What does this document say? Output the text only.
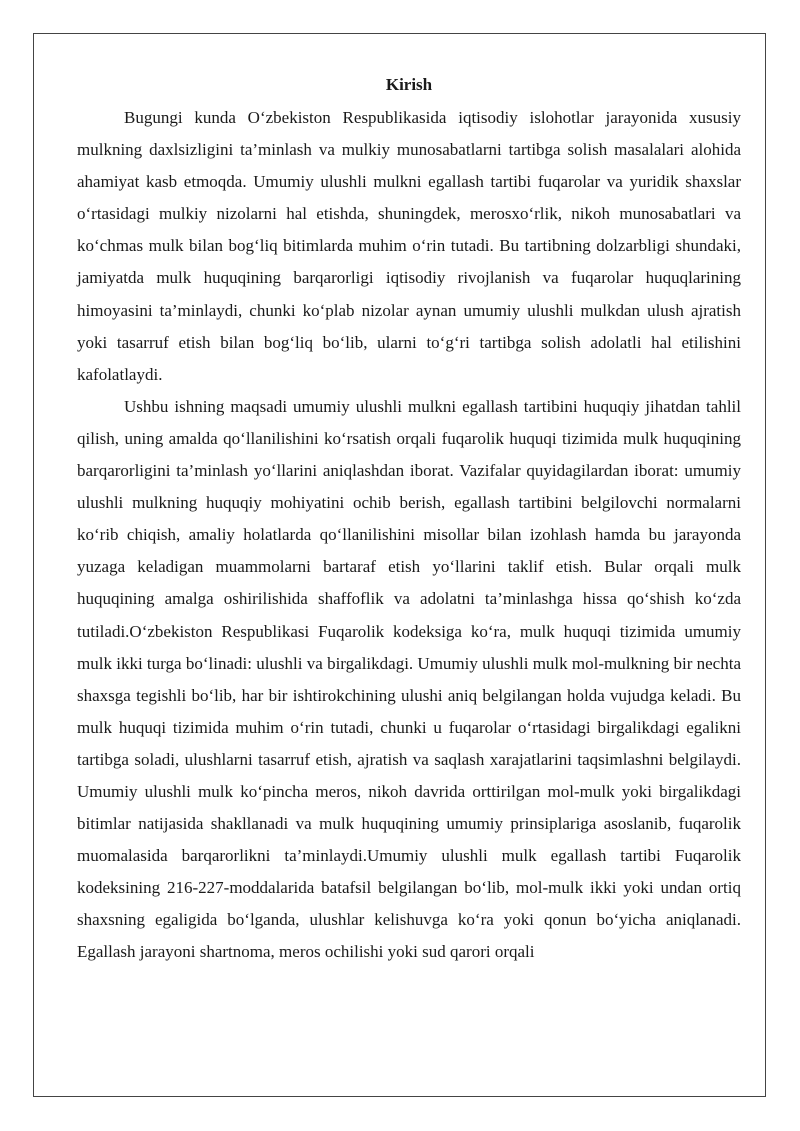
Kirish

Bugungi kunda O‘zbekiston Respublikasida iqtisodiy islohotlar jarayonida xususiy mulkning daxlsizligini ta’minlash va mulkiy munosabatlarni tartibga solish masalalari alohida ahamiyat kasb etmoqda. Umumiy ulushli mulkni egallash tartibi fuqarolar va yuridik shaxslar o‘rtasidagi mulkiy nizolarni hal etishda, shuningdek, merosxo‘rlik, nikoh munosabatlari va ko‘chmas mulk bilan bog‘liq bitimlarda muhim o‘rin tutadi. Bu tartibning dolzarbligi shundaki, jamiyatda mulk huquqining barqarorligi iqtisodiy rivojlanish va fuqarolar huquqlarining himoyasini ta’minlaydi, chunki ko‘plab nizolar aynan umumiy ulushli mulkdan ulush ajratish yoki tasarruf etish bilan bog‘liq bo‘lib, ularni to‘g‘ri tartibga solish adolatli hal etilishini kafolatlaydi.

Ushbu ishning maqsadi umumiy ulushli mulkni egallash tartibini huquqiy jihatdan tahlil qilish, uning amalda qo‘llanilishini ko‘rsatish orqali fuqarolik huquqi tizimida mulk huquqining barqarorligini ta’minlash yo‘llarini aniqlashdan iborat. Vazifalar quyidagilardan iborat: umumiy ulushli mulkning huquqiy mohiyatini ochib berish, egallash tartibini belgilovchi normalarni ko‘rib chiqish, amaliy holatlarda qo‘llanilishini misollar bilan izohlash hamda bu jarayonda yuzaga keladigan muammolarni bartaraf etish yo‘llarini taklif etish. Bular orqali mulk huquqining amalga oshirilishida shaffoflik va adolatni ta’minlashga hissa qo‘shish ko‘zda tutiladi.O‘zbekiston Respublikasi Fuqarolik kodeksiga ko‘ra, mulk huquqi tizimida umumiy mulk ikki turga bo‘linadi: ulushli va birgalikdagi. Umumiy ulushli mulk mol-mulkning bir nechta shaxsga tegishli bo‘lib, har bir ishtirokchining ulushi aniq belgilangan holda vujudga keladi. Bu mulk huquqi tizimida muhim o‘rin tutadi, chunki u fuqarolar o‘rtasidagi birgalikdagi egalikni tartibga soladi, ulushlarni tasarruf etish, ajratish va saqlash xarajatlarini taqsimlashni belgilaydi. Umumiy ulushli mulk ko‘pincha meros, nikoh davrida orttirilgan mol-mulk yoki birgalikdagi bitimlar natijasida shakllanadi va mulk huquqining umumiy prinsiplariga asoslanib, fuqarolik muomalasida barqarorlikni ta’minlaydi.Umumiy ulushli mulk egallash tartibi Fuqarolik kodeksining 216-227-moddalarida batafsil belgilangan bo‘lib, mol-mulk ikki yoki undan ortiq shaxsning egaligida bo‘lganda, ulushlar kelishuvga ko‘ra yoki qonun bo‘yicha aniqlanadi. Egallash jarayoni shartnoma, meros ochilishi yoki sud qarori orqali
